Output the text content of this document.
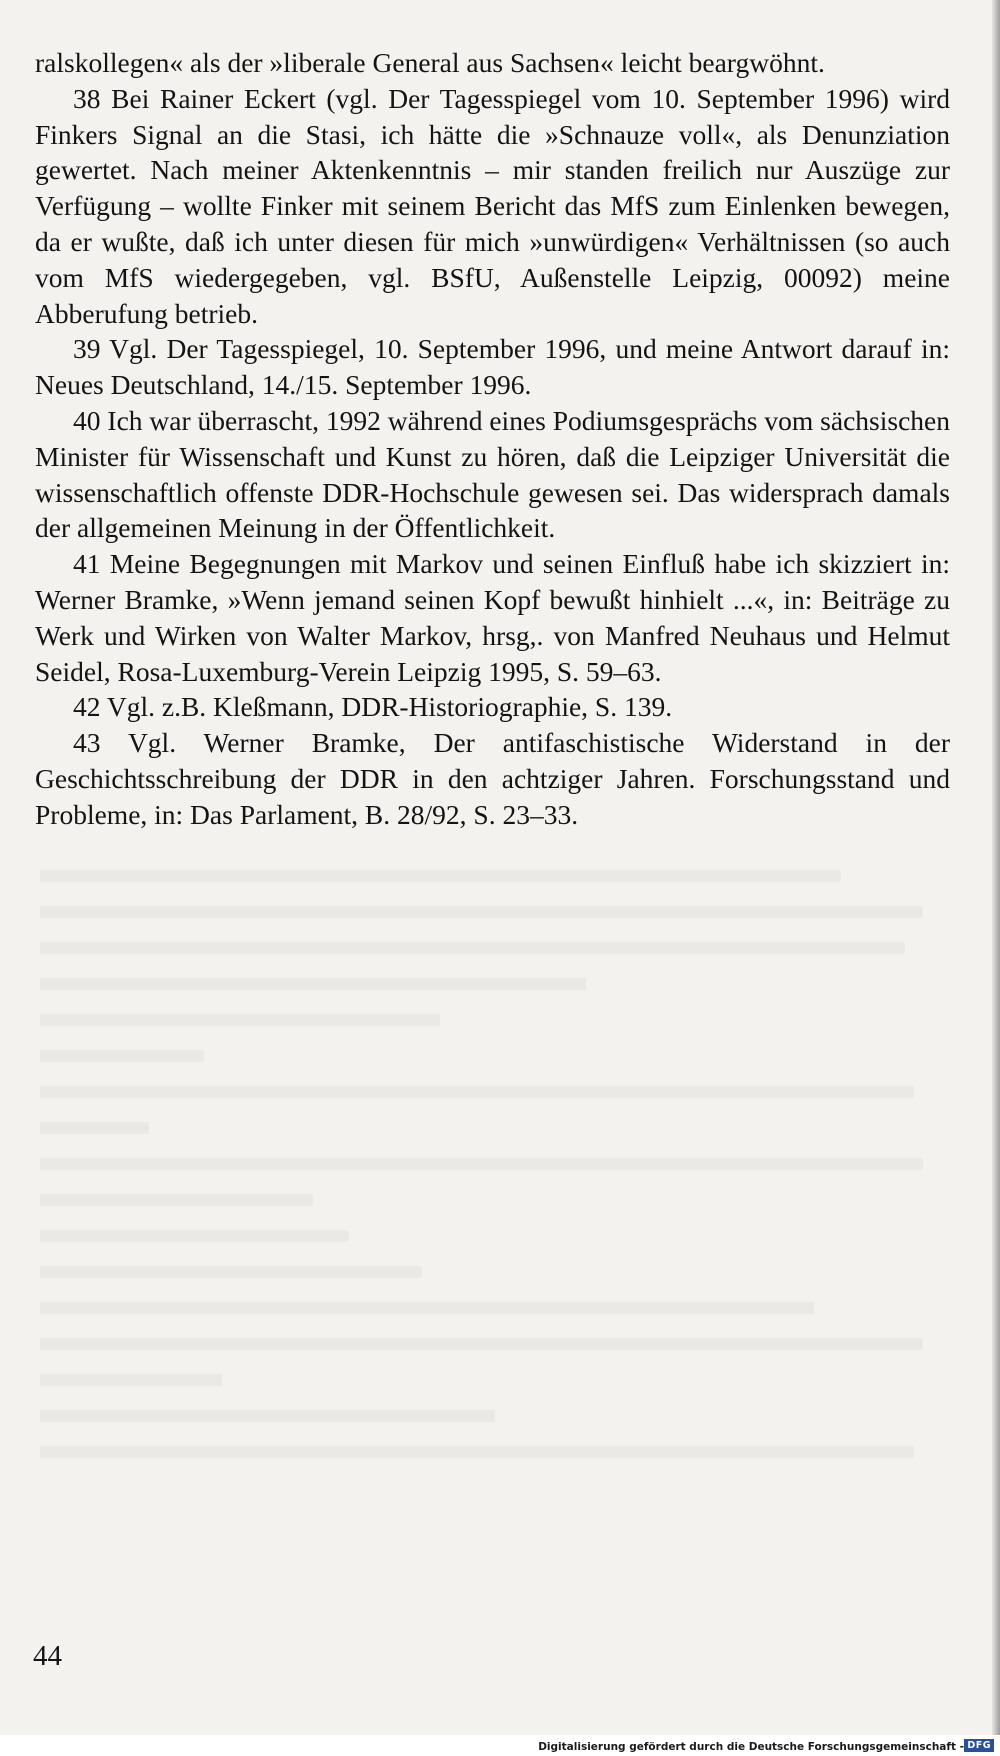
ralskollegen« als der »liberale General aus Sachsen« leicht beargwöhnt.

38 Bei Rainer Eckert (vgl. Der Tagesspiegel vom 10. September 1996) wird Finkers Signal an die Stasi, ich hätte die »Schnauze voll«, als Denunziation gewertet. Nach meiner Aktenkenntnis – mir standen freilich nur Auszüge zur Verfügung – wollte Finker mit seinem Bericht das MfS zum Einlenken bewegen, da er wußte, daß ich unter diesen für mich »unwürdigen« Verhältnissen (so auch vom MfS wiedergegeben, vgl. BSfU, Außenstelle Leipzig, 00092) meine Abberufung betrieb.

39 Vgl. Der Tagesspiegel, 10. September 1996, und meine Antwort darauf in: Neues Deutschland, 14./15. September 1996.

40 Ich war überrascht, 1992 während eines Podiumsgesprächs vom sächsischen Minister für Wissenschaft und Kunst zu hören, daß die Leipziger Universität die wissenschaftlich offenste DDR-Hochschule gewesen sei. Das widersprach damals der allgemeinen Meinung in der Öffentlichkeit.

41 Meine Begegnungen mit Markov und seinen Einfluß habe ich skizziert in: Werner Bramke, »Wenn jemand seinen Kopf bewußt hinhielt ...«, in: Beiträge zu Werk und Wirken von Walter Markov, hrsg,. von Manfred Neuhaus und Helmut Seidel, Rosa-Luxemburg-Verein Leipzig 1995, S. 59–63.

42 Vgl. z.B. Kleßmann, DDR-Historiographie, S. 139.

43 Vgl. Werner Bramke, Der antifaschistische Widerstand in der Geschichtsschreibung der DDR in den achtziger Jahren. Forschungsstand und Probleme, in: Das Parlament, B. 28/92, S. 23–33.

44
Digitalisierung gefördert durch die Deutsche Forschungsgemeinschaft - DFG
